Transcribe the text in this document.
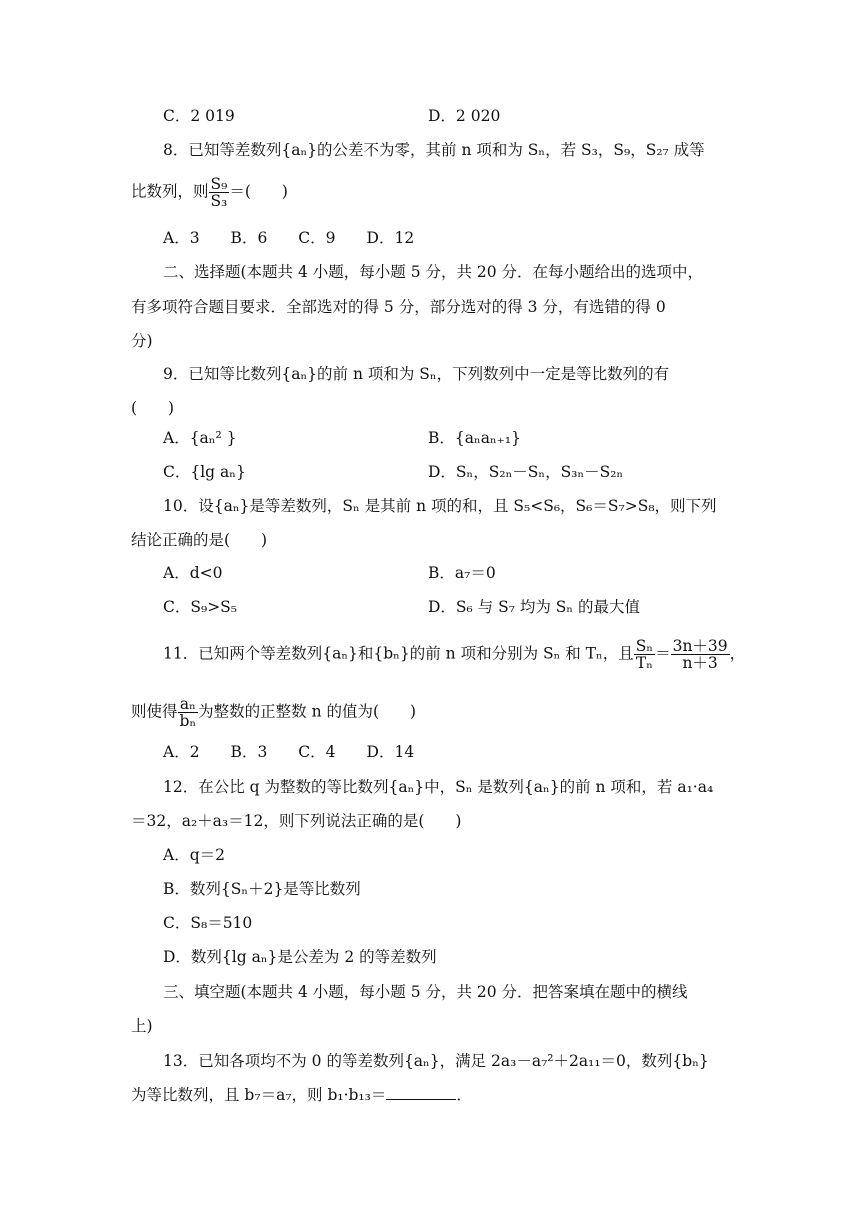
C．2 019	D．2 020
8．已知等差数列{aₙ}的公差不为零，其前 n 项和为 Sₙ，若 S₃，S₉，S₂₇ 成等
比数列，则 $\frac{\text{S₉}}{\text{S₃}}$ ＝(　　)
A．3　　B．6　　C．9　　D．12
二、选择题(本题共 4 小题，每小题 5 分，共 20 分．在每小题给出的选项中，
有多项符合题目要求．全部选对的得 5 分，部分选对的得 3 分，有选错的得 0
分)
9．已知等比数列{aₙ}的前 n 项和为 Sₙ，下列数列中一定是等比数列的有
(　　)
A．{aₙ² }	B．{aₙaₙ₊₁}
C．{lg aₙ}	D．Sₙ，S₂ₙ－Sₙ，S₃ₙ－S₂ₙ
10．设{aₙ}是等差数列，Sₙ 是其前 n 项的和，且 S₅<S₆，S₆＝S₇>S₈，则下列
结论正确的是(　　)
A．d<0	B．a₇＝0
C．S₉>S₅	D．S₆ 与 S₇ 均为 Sₙ 的最大值
11．已知两个等差数列{aₙ}和{bₙ}的前 n 项和分别为 Sₙ 和 Tₙ，且 $\frac{\text{Sₙ}}{\text{Tₙ}} = \frac{3n+39}{n+3}$ ，
则使得 $\frac{\text{aₙ}}{\text{bₙ}}$ 为整数的正整数 n 的值为(　　)
A．2　　B．3　　C．4　　D．14
12．在公比 q 为整数的等比数列{aₙ}中，Sₙ 是数列{aₙ}的前 n 项和，若 a₁·a₄
＝32，a₂＋a₃＝12，则下列说法正确的是(　　)
A．q＝2
B．数列{Sₙ＋2}是等比数列
C．S₈＝510
D．数列{lg aₙ}是公差为 2 的等差数列
三、填空题(本题共 4 小题，每小题 5 分，共 20 分．把答案填在题中的横线
上)
13．已知各项均不为 0 的等差数列{aₙ}，满足 2a₃－a₇²＋2a₁₁＝0，数列{bₙ}
为等比数列，且 b₇＝a₇，则 b₁·b₁₃＝	．
